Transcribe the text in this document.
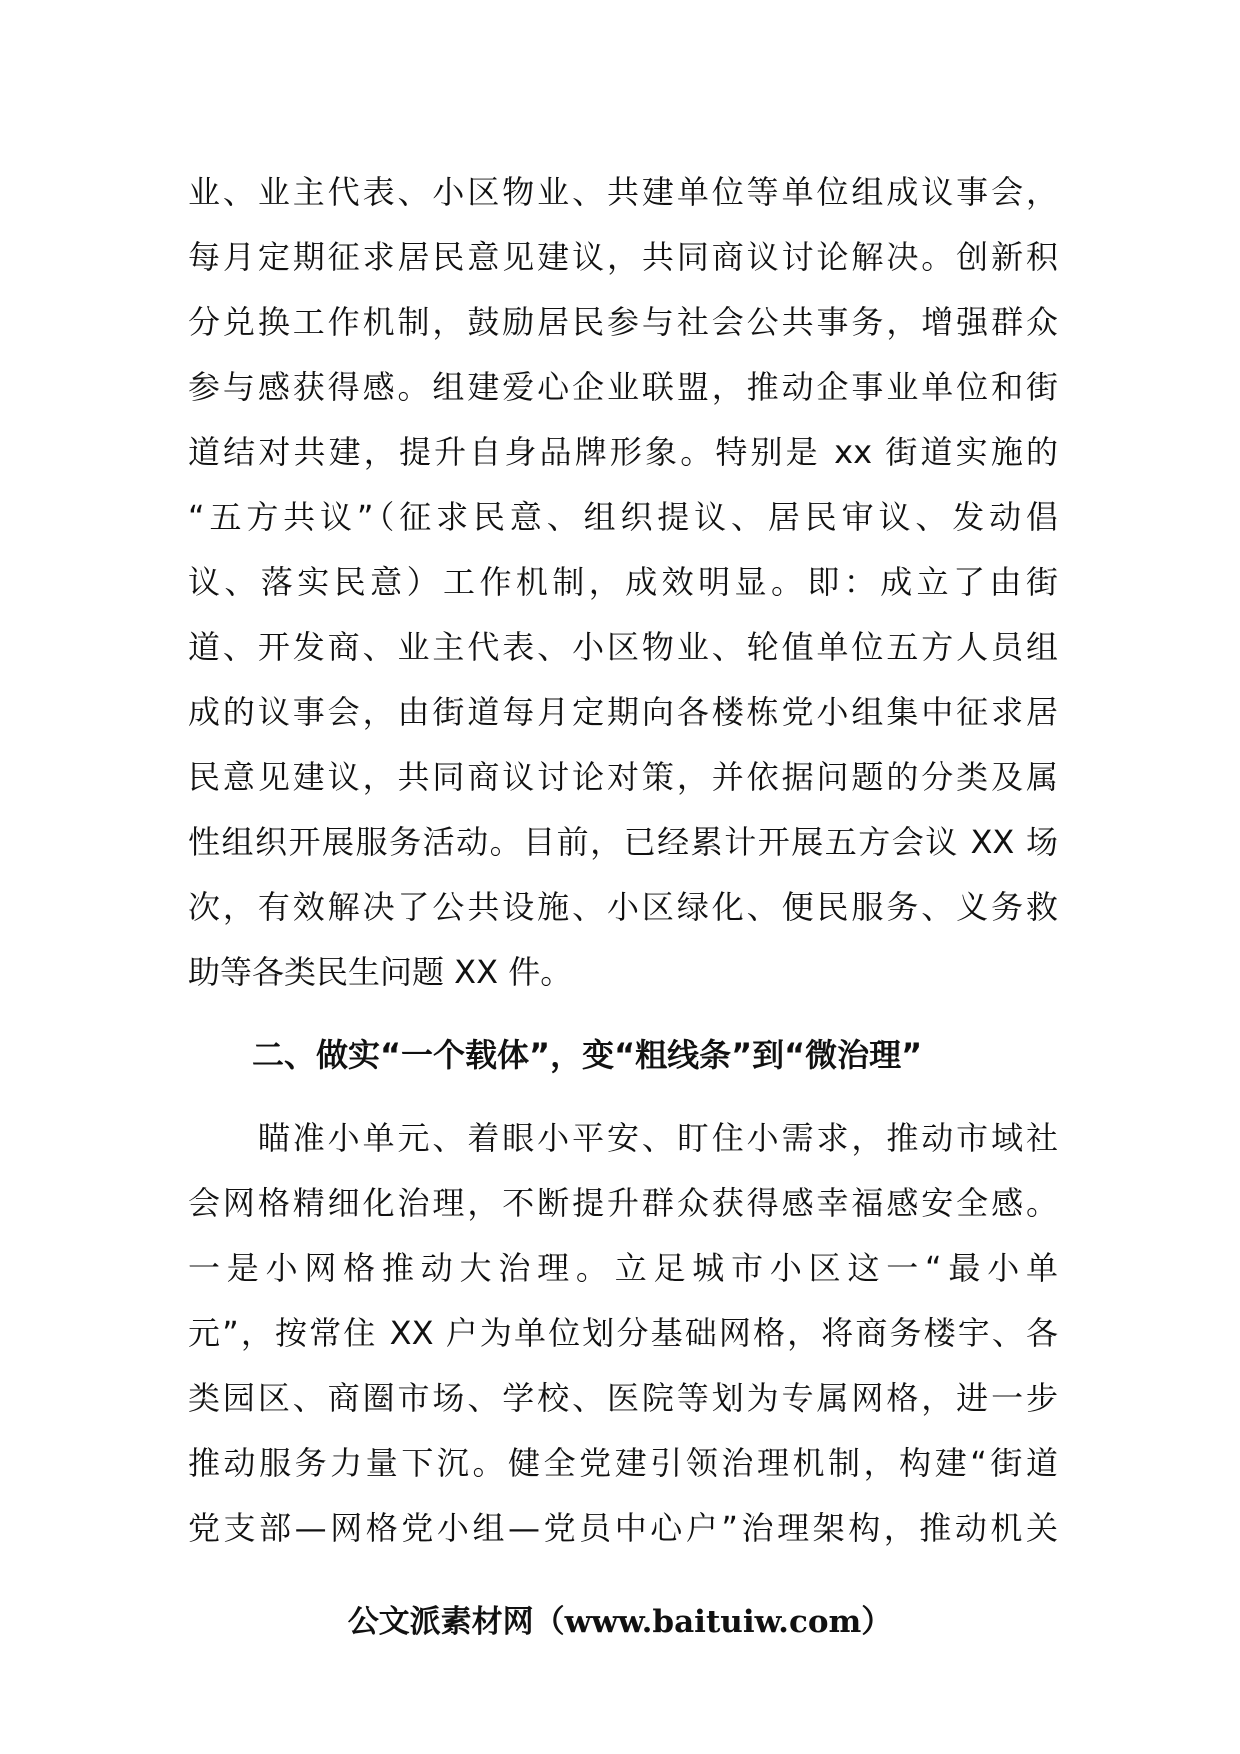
业、业主代表、小区物业、共建单位等单位组成议事会，
每月定期征求居民意见建议，共同商议讨论解决。创新积
分兑换工作机制，鼓励居民参与社会公共事务，增强群众
参与感获得感。组建爱心企业联盟，推动企事业单位和街
道结对共建，提升自身品牌形象。特别是 xx 街道实施的
“五方共议”（征求民意、组织提议、居民审议、发动倡
议、落实民意）工作机制，成效明显。即：成立了由街
道、开发商、业主代表、小区物业、轮值单位五方人员组
成的议事会，由街道每月定期向各楼栋党小组集中征求居
民意见建议，共同商议讨论对策，并依据问题的分类及属
性组织开展服务活动。目前，已经累计开展五方会议 XX 场
次，有效解决了公共设施、小区绿化、便民服务、义务救
助等各类民生问题 XX 件。
二、做实“一个载体”，变“粗线条”到“微治理”
　　瞄准小单元、着眼小平安、盯住小需求，推动市域社
会网格精细化治理，不断提升群众获得感幸福感安全感。
一是小网格推动大治理。立足城市小区这一“最小单
元”，按常住 XX 户为单位划分基础网格，将商务楼宇、各
类园区、商圈市场、学校、医院等划为专属网格，进一步
推动服务力量下沉。健全党建引领治理机制，构建“街道
党支部—网格党小组—党员中心户”治理架构，推动机关
公文派素材网（www.baituiw.com）
